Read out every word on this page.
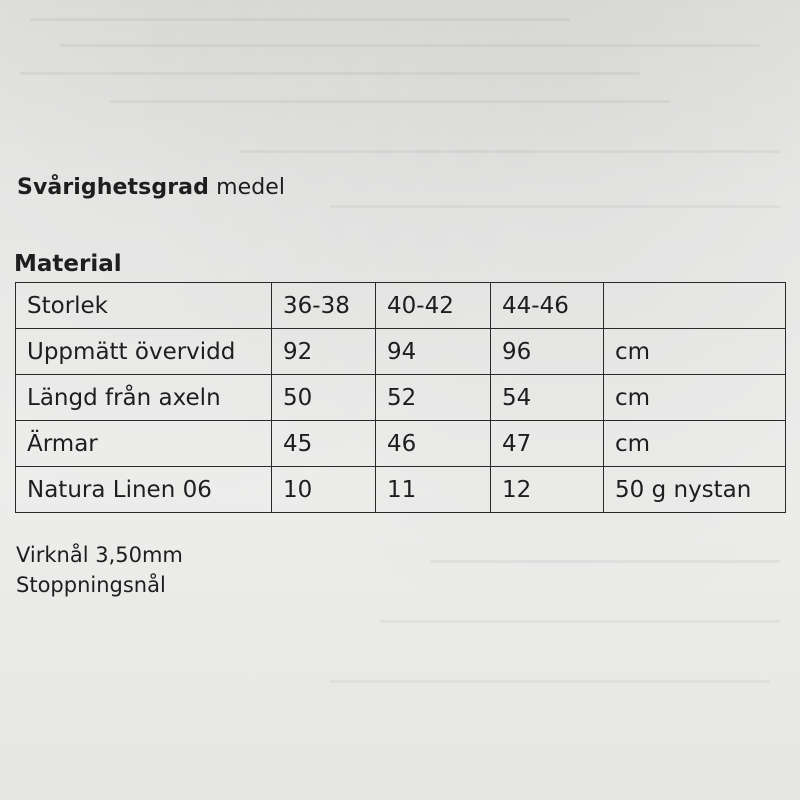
Svårighetsgrad medel
Material
Storlek	36-38	40-42	44-46	
Uppmätt övervidd	92	94	96	cm
Längd från axeln	50	52	54	cm
Ärmar	45	46	47	cm
Natura Linen 06	10	11	12	50 g nystan
Virknål 3,50mm
Stoppningsnål
